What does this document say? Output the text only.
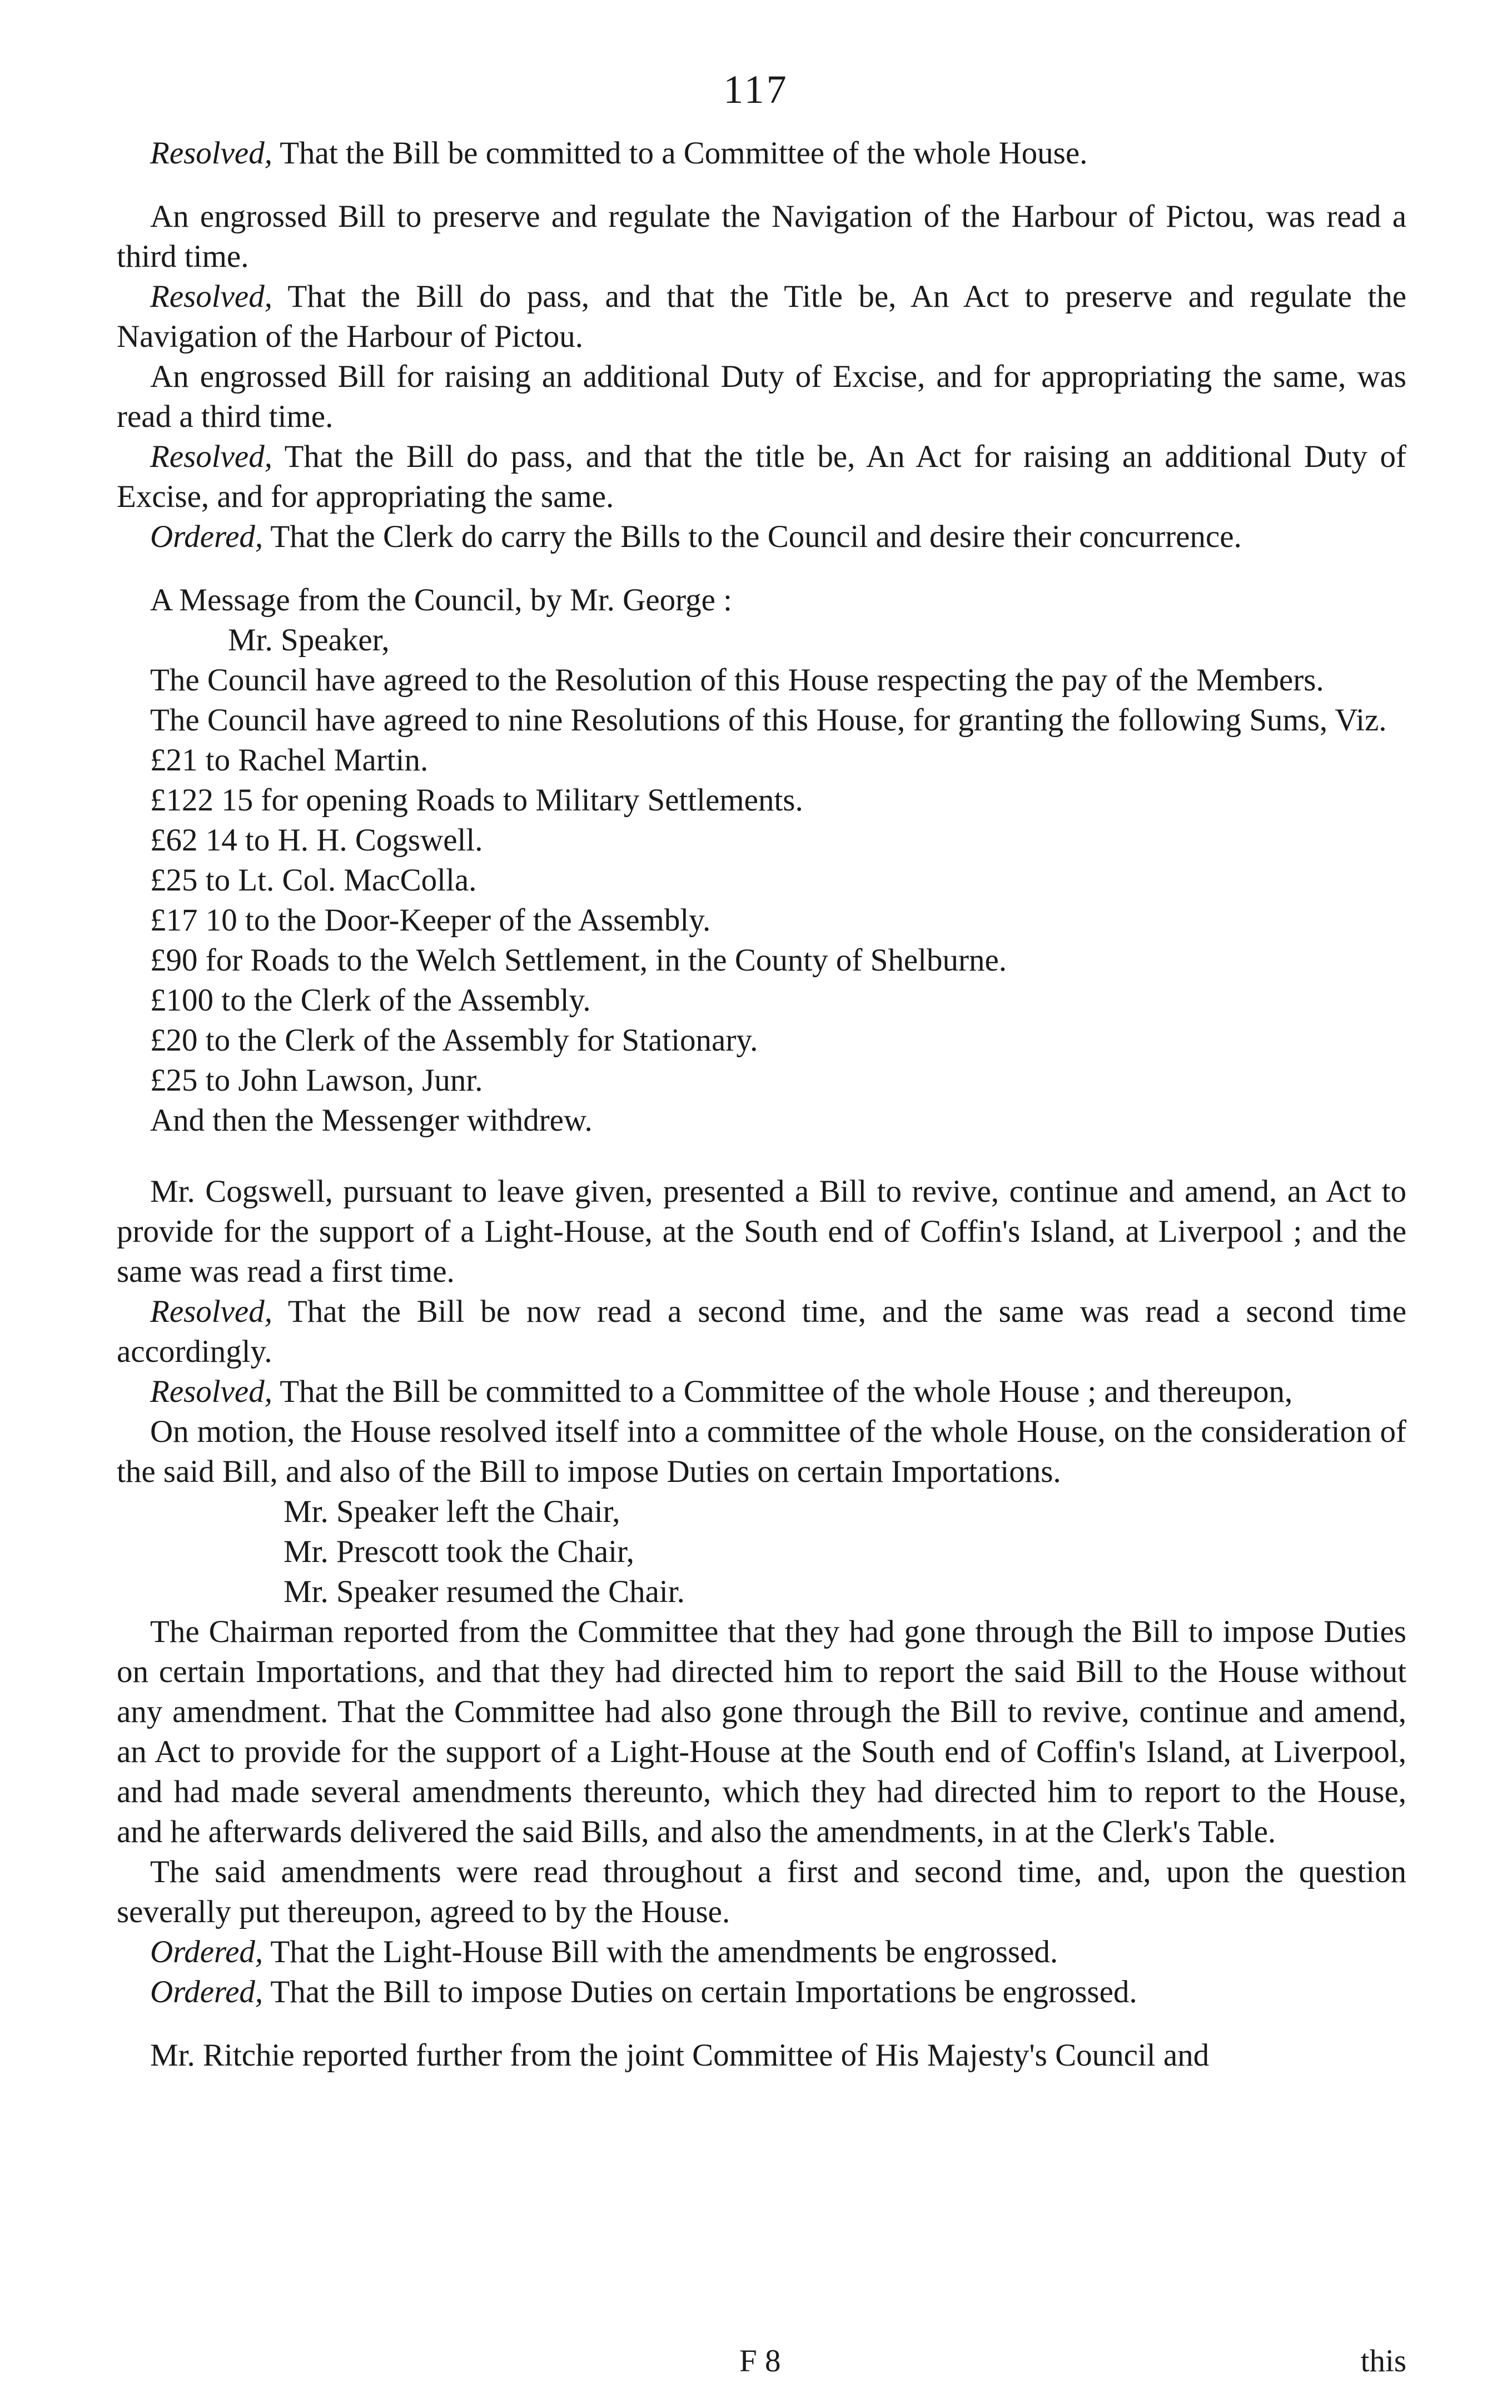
117

Resolved, That the Bill be committed to a Committee of the whole House.

An engrossed Bill to preserve and regulate the Navigation of the Harbour of Pictou, was read a third time.

Resolved, That the Bill do pass, and that the Title be, An Act to preserve and regulate the Navigation of the Harbour of Pictou.

An engrossed Bill for raising an additional Duty of Excise, and for appropriating the same, was read a third time.

Resolved, That the Bill do pass, and that the title be, An Act for raising an additional Duty of Excise, and for appropriating the same.

Ordered, That the Clerk do carry the Bills to the Council and desire their concurrence.

A Message from the Council, by Mr. George :

Mr. Speaker,

The Council have agreed to the Resolution of this House respecting the pay of the Members.

The Council have agreed to nine Resolutions of this House, for granting the following Sums, Viz.

£21 to Rachel Martin.

£122 15 for opening Roads to Military Settlements.

£62 14 to H. H. Cogswell.

£25 to Lt. Col. MacColla.

£17 10 to the Door-Keeper of the Assembly.

£90 for Roads to the Welch Settlement, in the County of Shelburne.

£100 to the Clerk of the Assembly.

£20 to the Clerk of the Assembly for Stationary.

£25 to John Lawson, Junr.

And then the Messenger withdrew.

Mr. Cogswell, pursuant to leave given, presented a Bill to revive, continue and amend, an Act to provide for the support of a Light-House, at the South end of Coffin's Island, at Liverpool ; and the same was read a first time.

Resolved, That the Bill be now read a second time, and the same was read a second time accordingly.

Resolved, That the Bill be committed to a Committee of the whole House ; and thereupon,

On motion, the House resolved itself into a committee of the whole House, on the consideration of the said Bill, and also of the Bill to impose Duties on certain Importations.

Mr. Speaker left the Chair,

Mr. Prescott took the Chair,

Mr. Speaker resumed the Chair.

The Chairman reported from the Committee that they had gone through the Bill to impose Duties on certain Importations, and that they had directed him to report the said Bill to the House without any amendment. That the Committee had also gone through the Bill to revive, continue and amend, an Act to provide for the support of a Light-House at the South end of Coffin's Island, at Liverpool, and had made several amendments thereunto, which they had directed him to report to the House, and he afterwards delivered the said Bills, and also the amendments, in at the Clerk's Table.

The said amendments were read throughout a first and second time, and, upon the question severally put thereupon, agreed to by the House.

Ordered, That the Light-House Bill with the amendments be engrossed.

Ordered, That the Bill to impose Duties on certain Importations be engrossed.

Mr. Ritchie reported further from the joint Committee of His Majesty's Council and

F 8	this
